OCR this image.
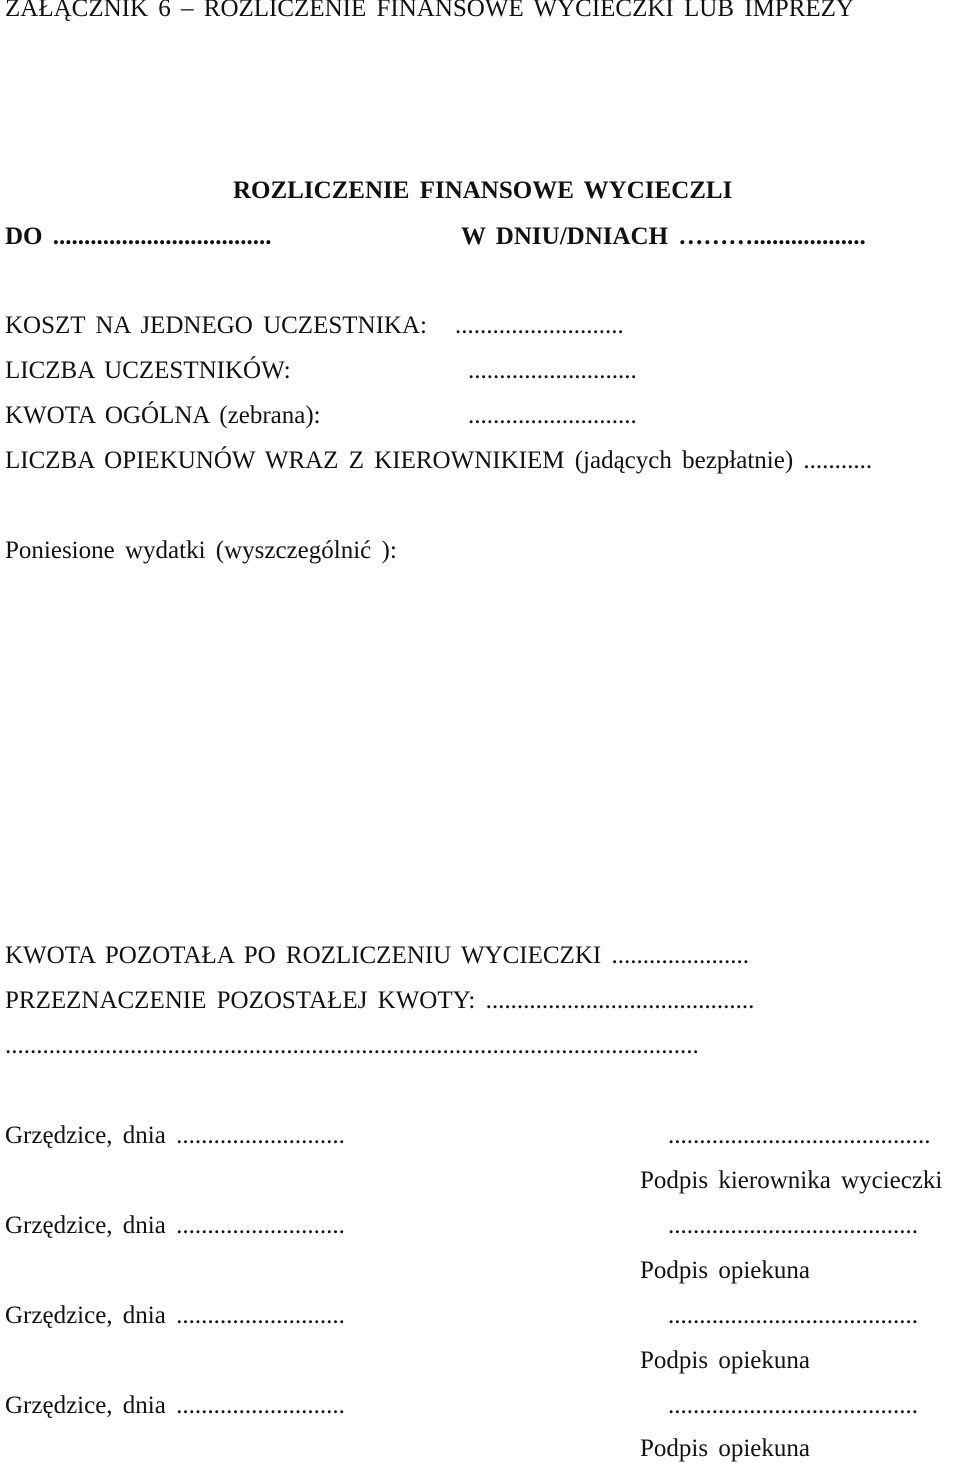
ZAŁĄCZNIK 6 – ROZLICZENIE FINANSOWE WYCIECZKI LUB IMPREZY
ROZLICZENIE FINANSOWE WYCIECZLI
DO ...................................	W DNIU/DNIACH ………..................
KOSZT NA JEDNEGO UCZESTNIKA: ...........................
LICZBA UCZESTNIKÓW:	...........................
KWOTA OGÓLNA (zebrana):	...........................
LICZBA OPIEKUNÓW WRAZ Z KIEROWNIKIEM (jadących bezpłatnie) ...........
Poniesione wydatki (wyszczególnić ):
KWOTA POZOTAŁA PO ROZLICZENIU WYCIECZKI ......................
PRZEZNACZENIE POZOSTAŁEJ KWOTY: ...........................................
...............................................................................................................
Grzędzice, dnia ...........................	..........................................
Podpis kierownika wycieczki
Grzędzice, dnia ...........................	........................................
Podpis opiekuna
Grzędzice, dnia ...........................	........................................
Podpis opiekuna
Grzędzice, dnia ...........................	........................................
Podpis opiekuna
